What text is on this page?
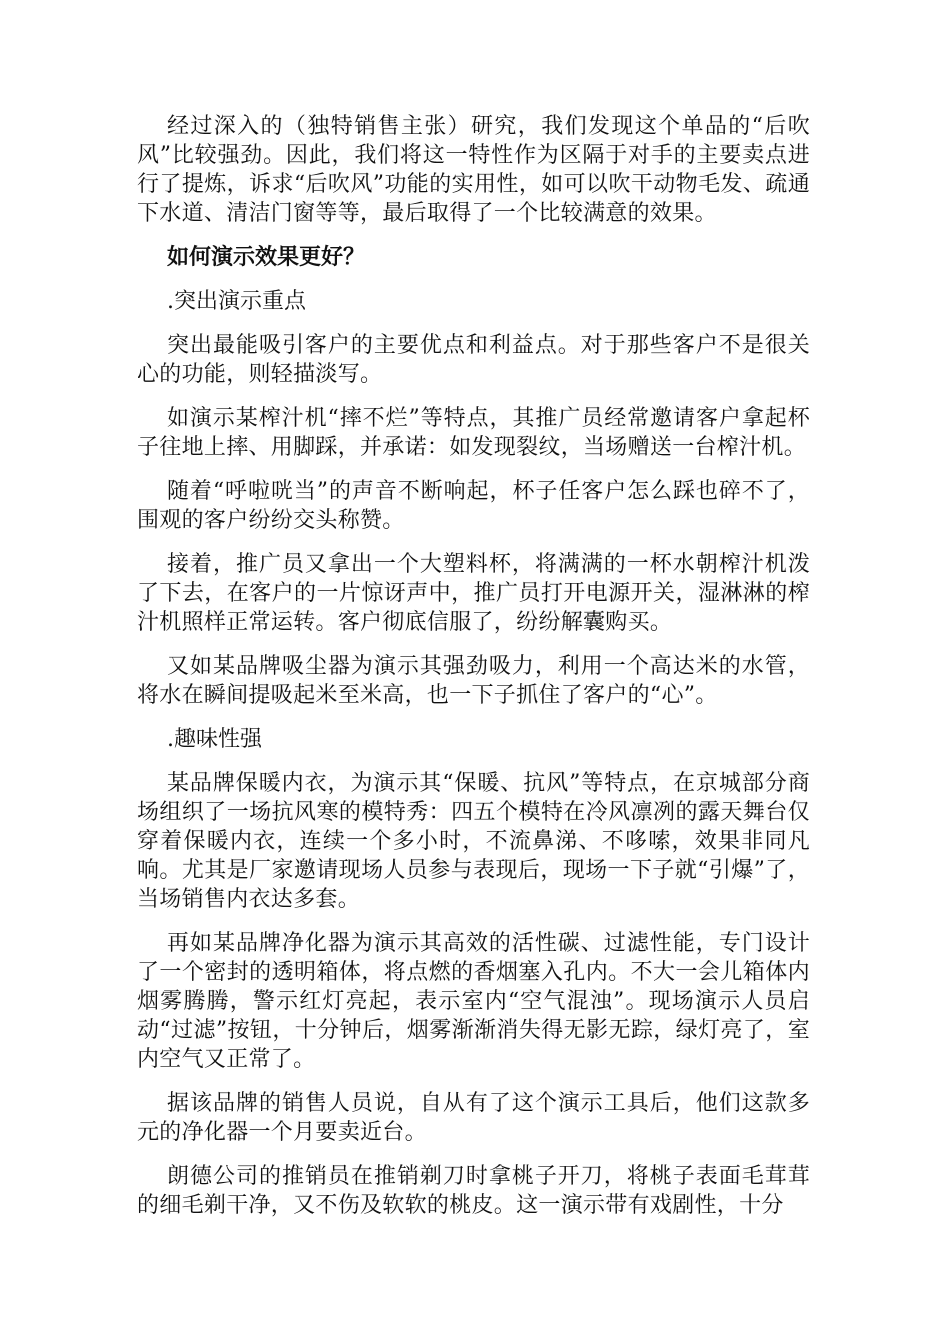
经过深入的（独特销售主张）研究，我们发现这个单品的“后吹风”比较强劲。因此，我们将这一特性作为区隔于对手的主要卖点进行了提炼，诉求“后吹风”功能的实用性，如可以吹干动物毛发、疏通下水道、清洁门窗等等，最后取得了一个比较满意的效果。

如何演示效果更好？

.突出演示重点

突出最能吸引客户的主要优点和利益点。对于那些客户不是很关心的功能，则轻描淡写。

如演示某榨汁机“摔不烂”等特点，其推广员经常邀请客户拿起杯子往地上摔、用脚踩，并承诺：如发现裂纹，当场赠送一台榨汁机。

随着“呼啦咣当”的声音不断响起，杯子任客户怎么踩也碎不了，围观的客户纷纷交头称赞。

接着，推广员又拿出一个大塑料杯，将满满的一杯水朝榨汁机泼了下去，在客户的一片惊讶声中，推广员打开电源开关，湿淋淋的榨汁机照样正常运转。客户彻底信服了，纷纷解囊购买。

又如某品牌吸尘器为演示其强劲吸力，利用一个高达米的水管，将水在瞬间提吸起米至米高，也一下子抓住了客户的“心”。

.趣味性强

某品牌保暖内衣，为演示其“保暖、抗风”等特点，在京城部分商场组织了一场抗风寒的模特秀：四五个模特在冷风凛冽的露天舞台仅穿着保暖内衣，连续一个多小时，不流鼻涕、不哆嗦，效果非同凡响。尤其是厂家邀请现场人员参与表现后，现场一下子就“引爆”了，当场销售内衣达多套。

再如某品牌净化器为演示其高效的活性碳、过滤性能，专门设计了一个密封的透明箱体，将点燃的香烟塞入孔内。不大一会儿箱体内烟雾腾腾，警示红灯亮起，表示室内“空气混浊”。现场演示人员启动“过滤”按钮，十分钟后，烟雾渐渐消失得无影无踪，绿灯亮了，室内空气又正常了。

据该品牌的销售人员说，自从有了这个演示工具后，他们这款多元的净化器一个月要卖近台。

朗德公司的推销员在推销剃刀时拿桃子开刀，将桃子表面毛茸茸的细毛剃干净，又不伤及软软的桃皮。这一演示带有戏剧性，十分
